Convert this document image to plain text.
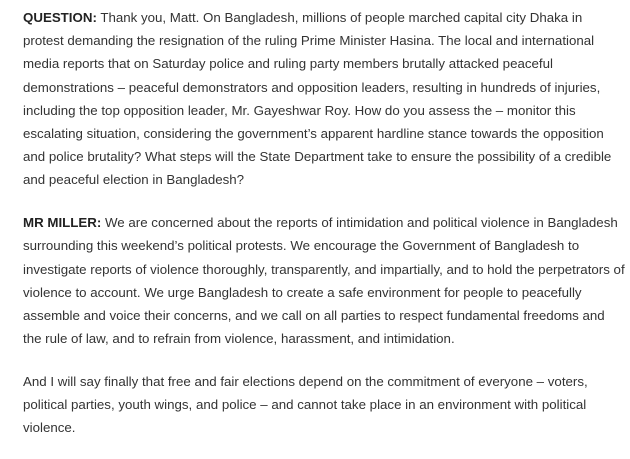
QUESTION: Thank you, Matt. On Bangladesh, millions of people marched capital city Dhaka in protest demanding the resignation of the ruling Prime Minister Hasina. The local and international media reports that on Saturday police and ruling party members brutally attacked peaceful demonstrations – peaceful demonstrators and opposition leaders, resulting in hundreds of injuries, including the top opposition leader, Mr. Gayeshwar Roy. How do you assess the – monitor this escalating situation, considering the government’s apparent hardline stance towards the opposition and police brutality? What steps will the State Department take to ensure the possibility of a credible and peaceful election in Bangladesh?

MR MILLER: We are concerned about the reports of intimidation and political violence in Bangladesh surrounding this weekend’s political protests. We encourage the Government of Bangladesh to investigate reports of violence thoroughly, transparently, and impartially, and to hold the perpetrators of violence to account. We urge Bangladesh to create a safe environment for people to peacefully assemble and voice their concerns, and we call on all parties to respect fundamental freedoms and the rule of law, and to refrain from violence, harassment, and intimidation.

And I will say finally that free and fair elections depend on the commitment of everyone – voters, political parties, youth wings, and police – and cannot take place in an environment with political violence.
